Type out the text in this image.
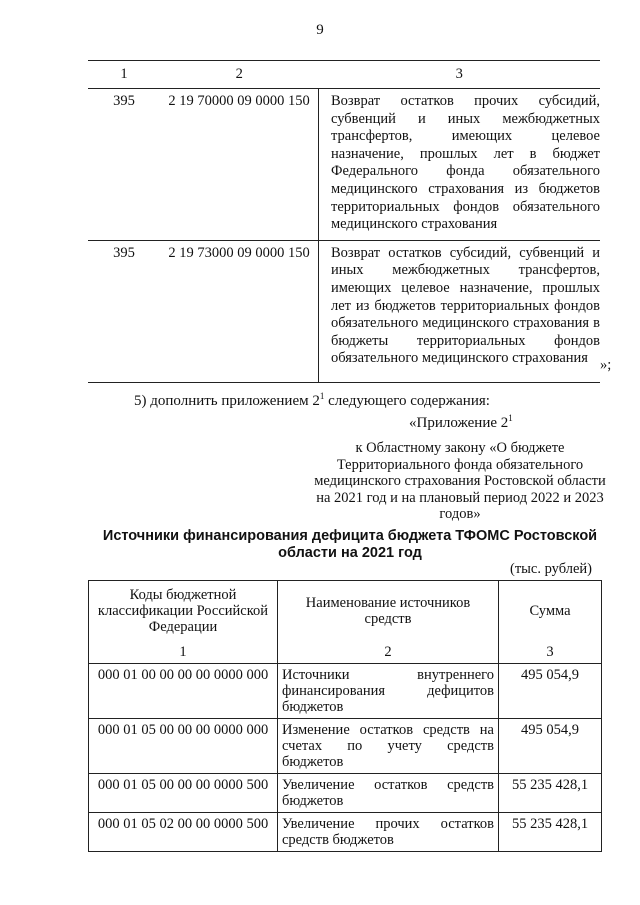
9
1	2	3
395	2 19 70000 09 0000 150	Возврат остатков прочих субсидий, субвенций и иных межбюджетных трансфертов, имеющих целевое назначение, прошлых лет в бюджет Федерального фонда обязательного медицинского страхования из бюджетов территориальных фондов обязательного медицинского страхования
395	2 19 73000 09 0000 150	Возврат остатков субсидий, субвенций и иных межбюджетных трансфертов, имеющих целевое назначение, прошлых лет из бюджетов территориальных фондов обязательного медицинского страхования в бюджеты территориальных фондов обязательного медицинского страхования »;
5) дополнить приложением $2^1$ следующего содержания:
«Приложение $2^1$
к Областному закону «О бюджете Территориального фонда обязательного медицинского страхования Ростовской области на 2021 год и на плановый период 2022 и 2023 годов»
Источники финансирования дефицита бюджета ТФОМС Ростовской области на 2021 год
(тыс. рублей)
Коды бюджетной классификации Российской Федерации	Наименование источников средств	Сумма
1	2	3
000 01 00 00 00 00 0000 000	Источники внутреннего финансирования дефицитов бюджетов	495 054,9
000 01 05 00 00 00 0000 000	Изменение остатков средств на счетах по учету средств бюджетов	495 054,9
000 01 05 00 00 00 0000 500	Увеличение остатков средств бюджетов	55 235 428,1
000 01 05 02 00 00 0000 500	Увеличение прочих остатков средств бюджетов	55 235 428,1
